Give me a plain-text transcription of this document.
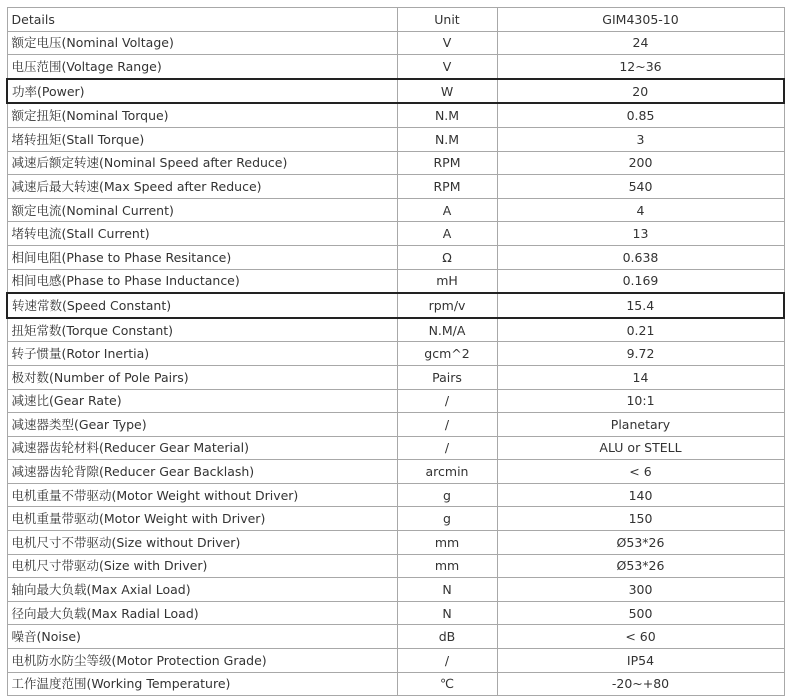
Details	Unit	GIM4305-10
额定电压(Nominal Voltage)	V	24
电压范围(Voltage Range)	V	12~36
功率(Power)	W	20
额定扭矩(Nominal Torque)	N.M	0.85
堵转扭矩(Stall Torque)	N.M	3
减速后额定转速(Nominal Speed after Reduce)	RPM	200
减速后最大转速(Max Speed after Reduce)	RPM	540
额定电流(Nominal Current)	A	4
堵转电流(Stall Current)	A	13
相间电阻(Phase to Phase Resitance)	Ω	0.638
相间电感(Phase to Phase Inductance)	mH	0.169
转速常数(Speed Constant)	rpm/v	15.4
扭矩常数(Torque Constant)	N.M/A	0.21
转子惯量(Rotor Inertia)	gcm^2	9.72
极对数(Number of Pole Pairs)	Pairs	14
减速比(Gear Rate)	/	10:1
减速器类型(Gear Type)	/	Planetary
减速器齿轮材料(Reducer Gear Material)	/	ALU or STELL
减速器齿轮背隙(Reducer Gear Backlash)	arcmin	< 6
电机重量不带驱动(Motor Weight without Driver)	g	140
电机重量带驱动(Motor Weight with Driver)	g	150
电机尺寸不带驱动(Size without Driver)	mm	Ø53*26
电机尺寸带驱动(Size with Driver)	mm	Ø53*26
轴向最大负载(Max Axial Load)	N	300
径向最大负载(Max Radial Load)	N	500
噪音(Noise)	dB	< 60
电机防水防尘等级(Motor Protection Grade)	/	IP54
工作温度范围(Working Temperature)	℃	-20~+80
